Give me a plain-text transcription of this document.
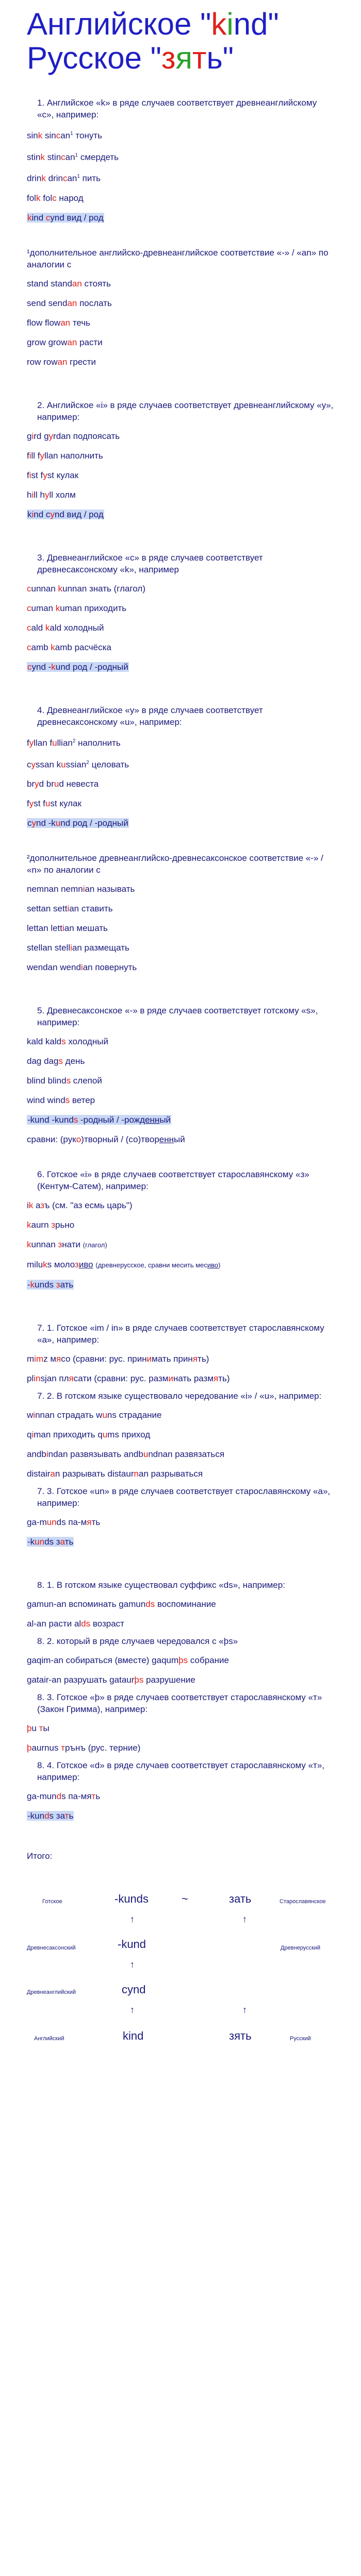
Английское "kind"
Русское "зять"
1. Английское «k» в ряде случаев соответствует древнеанглийскому «c», например:
sink sincan$^1$ тонуть
stink stincan$^1$ смердеть
drink drincan$^1$ пить
folk folc народ
kind cynd вид / род
¹дополнительное английско-древнеанглийское соответствие «-» / «an» по аналогии с
stand standan стоять
send sendan послать
flow flowan течь
grow growan расти
row rowan грести
2. Английское «i» в ряде случаев соответствует древнеанглийскому «y», например:
gird gyrdan подпоясать
fill fyllan наполнить
fist fyst кулак
hill hyll холм
kind cynd вид / род
3. Древнеанглийское «c» в ряде случаев соответствует древнесаксонскому «k», например
cunnan kunnan знать (глагол)
cuman kuman приходить
cald kald холодный
camb kamb расчёска
cynd -kund род / -родный
4. Древнеанглийское «y» в ряде случаев соответствует древнесаксонскому «u», например:
fyllan fullian$^2$ наполнить
cyssan kussian$^2$ целовать
bryd brud невеста
fyst fust кулак
cynd -kund род / -родный
²дополнительное древнеанглийско-древнесаксонское соответствие «-» / «n» по аналогии с
nemnan nemnian называть
settan settian ставить
lettan lettian мешать
stellan stellian размещать
wendan wendian повернуть
5. Древнесаксонское «-» в ряде случаев соответствует готскому «s», например:
kald kalds холодный
dag dags день
blind blinds слепой
wind winds ветер
-kund -kunds -родный / -рожденный
сравни: (руко)творный / (со)творенный
6. Готское «i» в ряде случаев соответствует старославянскому «з» (Кентум-Сатем), например:
ik азъ (см. "аз есмь царь")
kaurn зрьно
kunnan знати (глагол)
miluks молозиво (древнерусское, сравни месить месиво)
-kunds зать
7. 1. Готское «im / in» в ряде случаев соответствует старославянскому «а», например:
mimz мясо (сравни: рус. принимать принять)
plinsjan плясати (сравни: рус. разминать размять)
7. 2. В готском языке существовало чередование «i» / «u», например:
winnan страдать wuns страдание
qiman приходить qums приход
andbindan развязывать andbundnan развязаться
distairan разрывать distaurnan разрываться
7. 3. Готское «un» в ряде случаев соответствует старославянскому «а», например:
ga-munds па-мять
-kunds зать
8. 1. В готском языке существовал суффикс «ds», например:
gamun-an вспоминать gamunds воспоминание
al-an расти alds возраст
8. 2. который в ряде случаев чередовался с «þs»
gaqim-an собираться (вместе) gaqumþs собрание
gatair-an разрушать gataurþs разрушение
8. 3. Готское «þ» в ряде случаев соответствует старославянскому «т» (Закон Гримма), например:
þu ты
þaurnus трънъ (рус. терние)
8. 4. Готское «d» в ряде случаев соответствует старославянскому «т», например:
ga-munds па-мять
-kunds зать
Итого:
Готское	-kunds	~	зать	Старославянское
↑	↑
Древнесаксонский	-kund	Древнерусский
↑
Древнеанглийский	cynd
↑	↑
Английский	kind	зять	Русский
